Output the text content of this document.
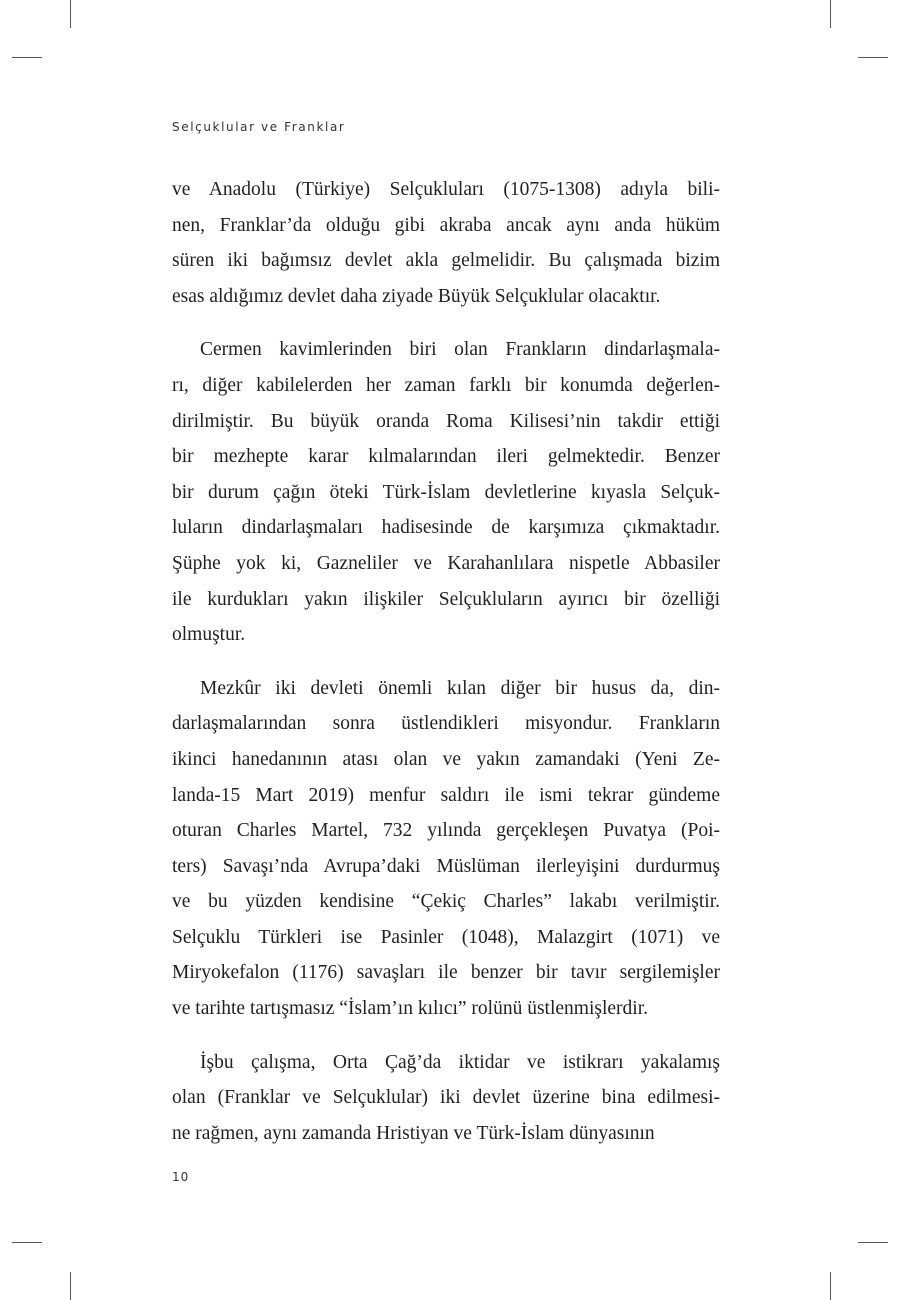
Selçuklular ve Franklar

ve Anadolu (Türkiye) Selçukluları (1075-1308) adıyla bili-
nen, Franklar’da olduğu gibi akraba ancak aynı anda hüküm
süren iki bağımsız devlet akla gelmelidir. Bu çalışmada bizim
esas aldığımız devlet daha ziyade Büyük Selçuklular olacaktır.

Cermen kavimlerinden biri olan Frankların dindarlaşmala-
rı, diğer kabilelerden her zaman farklı bir konumda değerlen-
dirilmiştir. Bu büyük oranda Roma Kilisesi’nin takdir ettiği
bir mezhepte karar kılmalarından ileri gelmektedir. Benzer
bir durum çağın öteki Türk-İslam devletlerine kıyasla Selçuk-
luların dindarlaşmaları hadisesinde de karşımıza çıkmaktadır.
Şüphe yok ki, Gazneliler ve Karahanlılara nispetle Abbasiler
ile kurdukları yakın ilişkiler Selçukluların ayırıcı bir özelliği
olmuştur.

Mezkûr iki devleti önemli kılan diğer bir husus da, din-
darlaşmalarından sonra üstlendikleri misyondur. Frankların
ikinci hanedanının atası olan ve yakın zamandaki (Yeni Ze-
landa-15 Mart 2019) menfur saldırı ile ismi tekrar gündeme
oturan Charles Martel, 732 yılında gerçekleşen Puvatya (Poi-
ters) Savaşı’nda Avrupa’daki Müslüman ilerleyişini durdurmuş
ve bu yüzden kendisine “Çekiç Charles” lakabı verilmiştir.
Selçuklu Türkleri ise Pasinler (1048), Malazgirt (1071) ve
Miryokefalon (1176) savaşları ile benzer bir tavır sergilemişler
ve tarihte tartışmasız “İslam’ın kılıcı” rolünü üstlenmişlerdir.

İşbu çalışma, Orta Çağ’da iktidar ve istikrarı yakalamış
olan (Franklar ve Selçuklular) iki devlet üzerine bina edilmesi-
ne rağmen, aynı zamanda Hristiyan ve Türk-İslam dünyasının

10
